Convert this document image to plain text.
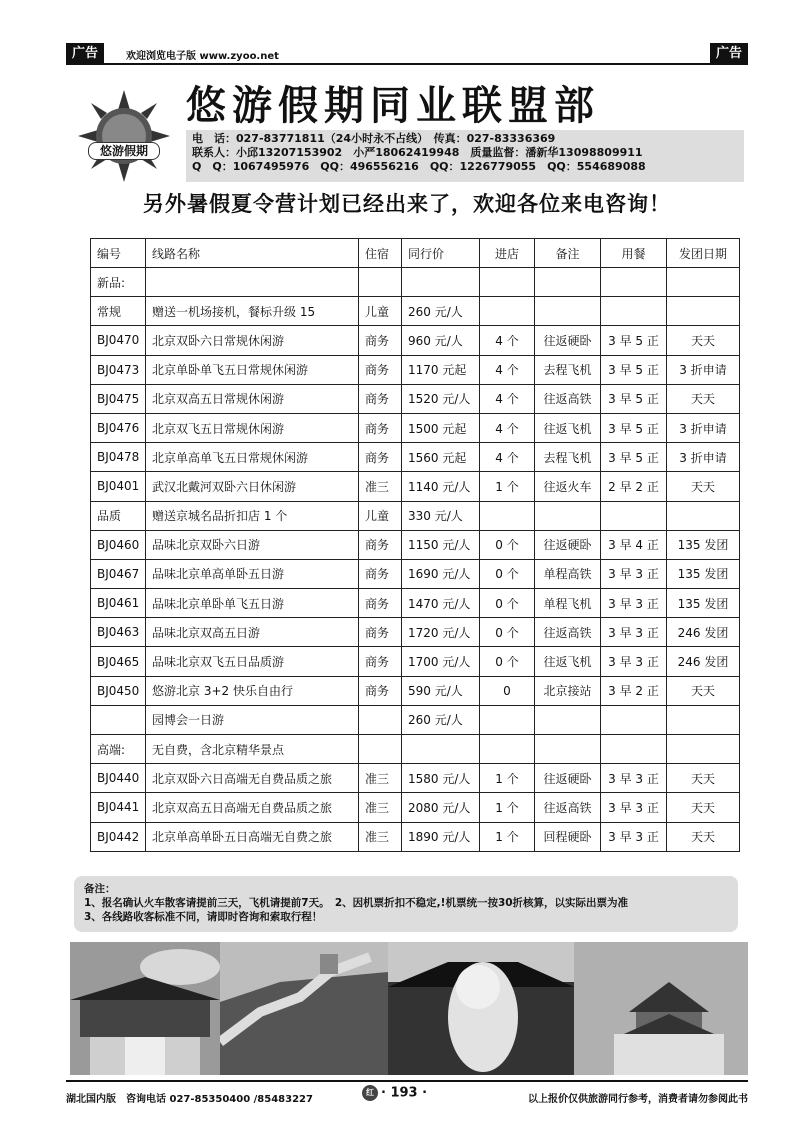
广告	欢迎浏览电子版 www.zyoo.net	广告
悠游假期
悠游假期同业联盟部
电　话：027-83771811（24小时永不占线）　传真：027-83336369
联系人：小邱13207153902　小严18062419948　质量监督：潘新华13098809911
Q　Q：1067495976　QQ：496556216　QQ：1226779055　QQ：554689088
另外暑假夏令营计划已经出来了，欢迎各位来电咨询！
编号	线路名称	住宿	同行价	进店	备注	用餐	发团日期
新品:							
常规	赠送一机场接机，餐标升级 15	儿童	260 元/人				
BJ0470	北京双卧六日常规休闲游	商务	960 元/人	4 个	往返硬卧	3 早 5 正	天天
BJ0473	北京单卧单飞五日常规休闲游	商务	1170 元起	4 个	去程飞机	3 早 5 正	3 折申请
BJ0475	北京双高五日常规休闲游	商务	1520 元/人	4 个	往返高铁	3 早 5 正	天天
BJ0476	北京双飞五日常规休闲游	商务	1500 元起	4 个	往返飞机	3 早 5 正	3 折申请
BJ0478	北京单高单飞五日常规休闲游	商务	1560 元起	4 个	去程飞机	3 早 5 正	3 折申请
BJ0401	武汉北戴河双卧六日休闲游	准三	1140 元/人	1 个	往返火车	2 早 2 正	天天
品质	赠送京城名品折扣店 1 个	儿童	330 元/人				
BJ0460	品味北京双卧六日游	商务	1150 元/人	0 个	往返硬卧	3 早 4 正	135 发团
BJ0467	品味北京单高单卧五日游	商务	1690 元/人	0 个	单程高铁	3 早 3 正	135 发团
BJ0461	品味北京单卧单飞五日游	商务	1470 元/人	0 个	单程飞机	3 早 3 正	135 发团
BJ0463	品味北京双高五日游	商务	1720 元/人	0 个	往返高铁	3 早 3 正	246 发团
BJ0465	品味北京双飞五日品质游	商务	1700 元/人	0 个	往返飞机	3 早 3 正	246 发团
BJ0450	悠游北京 3+2 快乐自由行	商务	590 元/人	0	北京接站	3 早 2 正	天天
	园博会一日游		260 元/人				
高端:	无自费，含北京精华景点						
BJ0440	北京双卧六日高端无自费品质之旅	准三	1580 元/人	1 个	往返硬卧	3 早 3 正	天天
BJ0441	北京双高五日高端无自费品质之旅	准三	2080 元/人	1 个	往返高铁	3 早 3 正	天天
BJ0442	北京单高单卧五日高端无自费之旅	准三	1890 元/人	1 个	回程硬卧	3 早 3 正	天天
备注：
1、报名确认火车散客请提前三天，飞机请提前7天。　2、因机票折扣不稳定,!机票统一按30折核算，以实际出票为准
3、各线路收客标准不同，请即时咨询和索取行程！
湖北国内版　咨询电话 027-85350400 /85483227
红 · 193 ·	以上报价仅供旅游同行参考，消费者请勿参阅此书
